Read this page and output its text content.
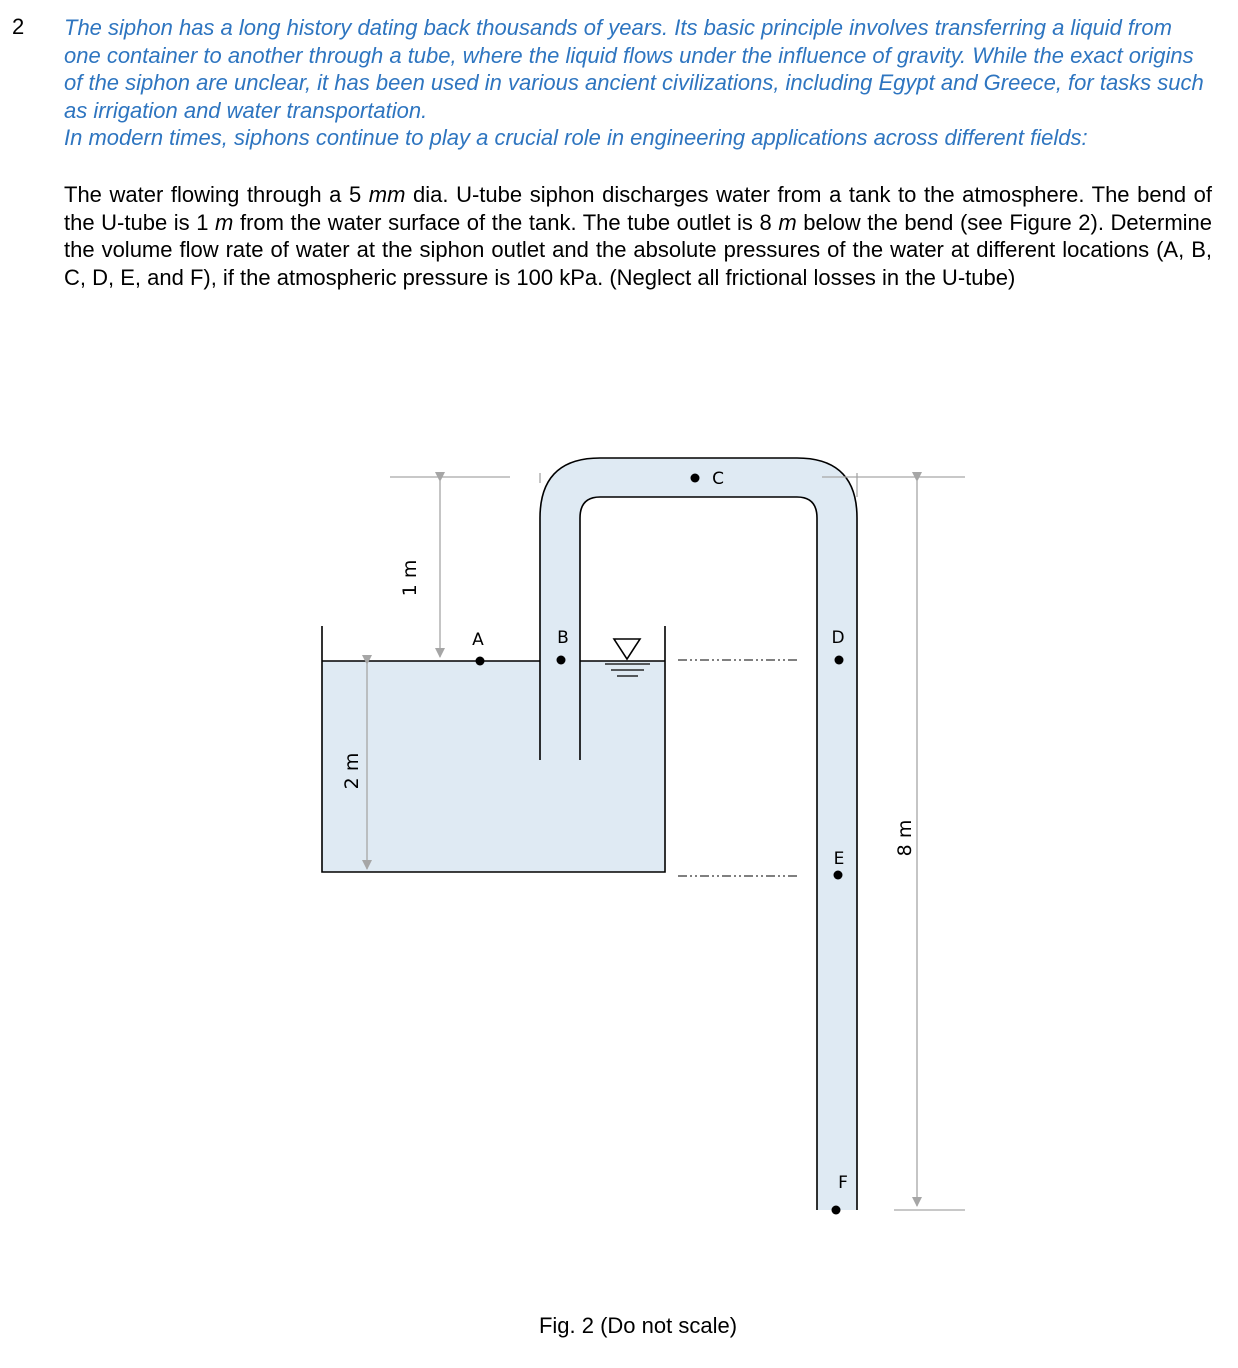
2 The siphon has a long history dating back thousands of years. Its basic principle involves transferring a liquid from one container to another through a tube, where the liquid flows under the influence of gravity. While the exact origins of the siphon are unclear, it has been used in various ancient civilizations, including Egypt and Greece, for tasks such as irrigation and water transportation.

In modern times, siphons continue to play a crucial role in engineering applications across different fields:

The water flowing through a 5 mm dia. U-tube siphon discharges water from a tank to the atmosphere. The bend of the U-tube is 1 m from the water surface of the tank. The tube outlet is 8 m below the bend (see Figure 2). Determine the volume flow rate of water at the siphon outlet and the absolute pressures of the water at different locations (A, B, C, D, E, and F), if the atmospheric pressure is 100 kPa. (Neglect all frictional losses in the U-tube)

1 m
2 m
8 m
A	B
C
D
E
F
Fig. 2 (Do not scale)
